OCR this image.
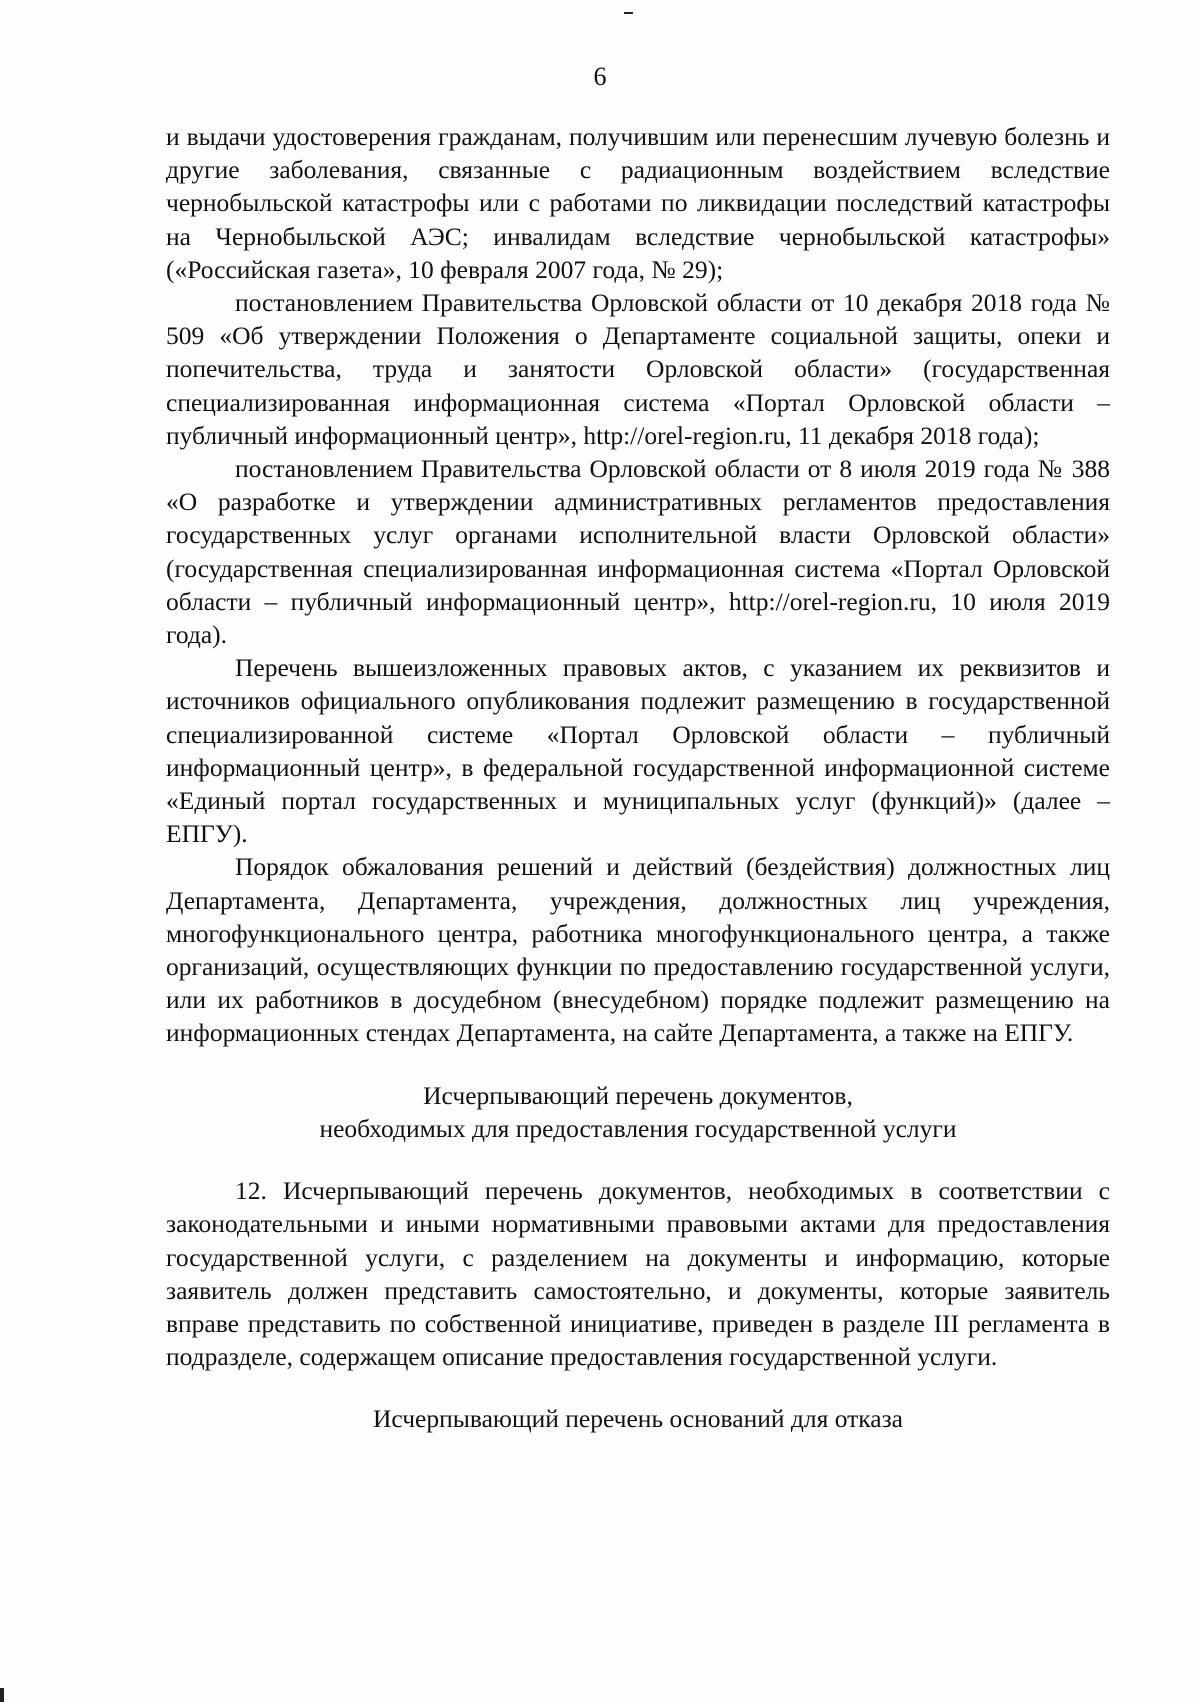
6

и выдачи удостоверения гражданам, получившим или перенесшим лучевую болезнь и другие заболевания, связанные с радиационным воздействием вследствие чернобыльской катастрофы или с работами по ликвидации последствий катастрофы на Чернобыльской АЭС; инвалидам вследствие чернобыльской катастрофы» («Российская газета», 10 февраля 2007 года, № 29);

постановлением Правительства Орловской области от 10 декабря 2018 года № 509 «Об утверждении Положения о Департаменте социальной защиты, опеки и попечительства, труда и занятости Орловской области» (государственная специализированная информационная система «Портал Орловской области – публичный информационный центр», http://orel-region.ru, 11 декабря 2018 года);

постановлением Правительства Орловской области от 8 июля 2019 года № 388 «О разработке и утверждении административных регламентов предоставления государственных услуг органами исполнительной власти Орловской области» (государственная специализированная информационная система «Портал Орловской области – публичный информационный центр», http://orel-region.ru, 10 июля 2019 года).

Перечень вышеизложенных правовых актов, с указанием их реквизитов и источников официального опубликования подлежит размещению в государственной специализированной системе «Портал Орловской области – публичный информационный центр», в федеральной государственной информационной системе «Единый портал государственных и муниципальных услуг (функций)» (далее – ЕПГУ).

Порядок обжалования решений и действий (бездействия) должностных лиц Департамента, Департамента, учреждения, должностных лиц учреждения, многофункционального центра, работника многофункционального центра, а также организаций, осуществляющих функции по предоставлению государственной услуги, или их работников в досудебном (внесудебном) порядке подлежит размещению на информационных стендах Департамента, на сайте Департамента, а также на ЕПГУ.

Исчерпывающий перечень документов,

необходимых для предоставления государственной услуги

12. Исчерпывающий перечень документов, необходимых в соответствии с законодательными и иными нормативными правовыми актами для предоставления государственной услуги, с разделением на документы и информацию, которые заявитель должен представить самостоятельно, и документы, которые заявитель вправе представить по собственной инициативе, приведен в разделе III регламента в подразделе, содержащем описание предоставления государственной услуги.

Исчерпывающий перечень оснований для отказа
